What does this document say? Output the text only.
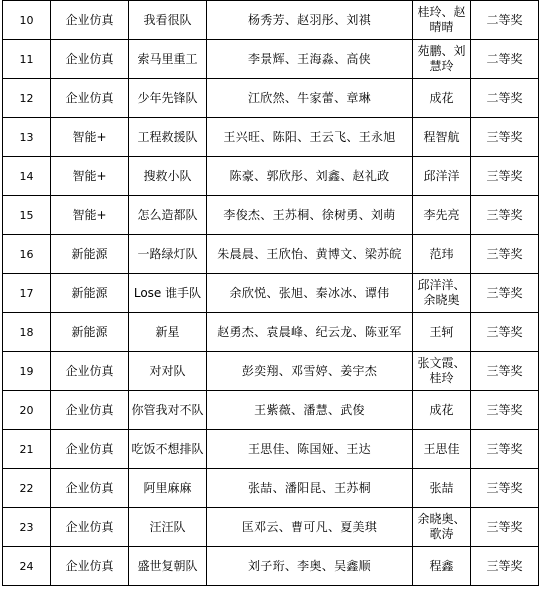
10	企业仿真	我看很队	杨秀芳、赵羽彤、刘祺	桂玲、赵晴晴	二等奖
11	企业仿真	索马里重工	李景辉、王海淼、高侠	苑鹏、刘慧玲	二等奖
12	企业仿真	少年先锋队	江欣然、牛家蕾、章琳	成花	二等奖
13	智能+	工程救援队	王兴旺、陈阳、王云飞、王永旭	程智航	三等奖
14	智能+	搜救小队	陈豪、郭欣彤、刘鑫、赵礼政	邱洋洋	三等奖
15	智能+	怎么造都队	李俊杰、王苏桐、徐树勇、刘萌	李先亮	三等奖
16	新能源	一路绿灯队	朱晨晨、王欣怡、黄博文、梁苏皖	范玮	三等奖
17	新能源	Lose 谁手队	余欣悦、张旭、秦冰冰、谭伟	邱洋洋、余晓奥	三等奖
18	新能源	新星	赵勇杰、袁晨峰、纪云龙、陈亚军	王轲	三等奖
19	企业仿真	对对队	彭奕翔、邓雪婷、姜宇杰	张文霞、桂玲	三等奖
20	企业仿真	你管我对不队	王紫薇、潘慧、武俊	成花	三等奖
21	企业仿真	吃饭不想排队	王思佳、陈国娅、王达	王思佳	三等奖
22	企业仿真	阿里麻麻	张喆、潘阳昆、王苏桐	张喆	三等奖
23	企业仿真	汪汪队	匡邓云、曹可凡、夏美琪	余晓奥、歌涛	三等奖
24	企业仿真	盛世复朝队	刘子珩、李奥、吴鑫顺	程鑫	三等奖
